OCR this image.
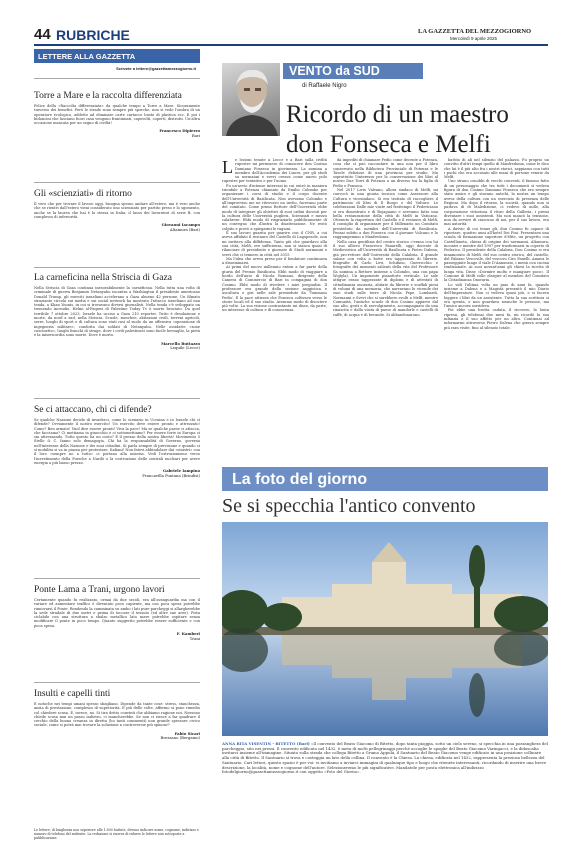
44 RUBRICHE	LA GAZZETTA DEL MEZZOGIORNO
Mercoledì 9 aprile 2025
LETTERE ALLA GAZZETTA
Scrivete a lettere@gazzettamezzogiorno.it
Torre a Mare e la raccolta differenziata
Felice della «Raccolta differenziata» da qualche tempo a Torre a Mare. Sicuramente traverso dei benefici. Però le strade sono sempre più sporche, non si vede l'ombra di un operatore ecologico, addetto ad eliminare carte cartacce buste di plastica ecc. E poi i bidoncini che lasciano fuori casa vengono frantumati, capovolti, coperti, distrutti. Un'altra occasione mancata per un segno di civiltà!
Francesco Dipierro
Bari
Gli «scienziati» di ritorno
Il vero che per trovare il lavoro oggi, bisogna spesso andare all'estero, ma è vero anche che se rientri dall'estero vieni considerato uno scienziato per partito preso e lo sgomento, anche se la laurea che hai è la stessa in Italia: il lusso dei lavoratori di serie B, con complesso di inferiorità.
Giovanni Iacampo
Altamura (Bari)
La carneficina nella Striscia di Gaza
Nella Striscia di Gaza continua inesorabilmente la carneficina. Nella tutta una volta di criminale di guerra Benjamin Netanyahu incontra a Washington il presidente americano Donald Trump, gli eserciti israeliani accelerano a Gaza almeno 42 persone. Un filmato straziante circola sui media e sui social network ha mostrato l'attacco israeliano ad una tenda, a Khan Younis, in cui si trovavano diversi giornalisti. Nella tenda c'è sviluppato un tremendo incendio. Helmi al-Faqawi di Palestine Today Tv è morto bruciato. Da quel terribile 7 ottobre 2023, Israele ha ucciso a Gaza 210 reporter. Tutto è desolazione e morte, da nord a sud, nella Striscia. Scuole, moschee, abitazioni civili, terreni agricoli, serre, luoghi di sport e di cultura sono stati rasi al suolo da un offensiva «operazione di ingegneria militare», condotta dai soldati di Netanyahu. Nelle ossidatte «zone cuscinetto», luoghi franchi di strage, dove i civili palestinesi sono facile bersaglio, la pietà e la misericordia sono morte. Dove è morto.
Marcello Buttazzo
Lequile (Lecce)
Se ci attaccano, chi ci difende?
Se qualche Nazione decide di invaderci, come lo scenario in Ucraina e in Israele chi ci difende? Ovviamente il nostro esercito! Un esercito deve essere pronto e attrezzato! Come? Ben armato! Vuol dire essere pronti! Viva la pace! Ma se qualche paese ci attacca, che facciamo? Ci mettiamo in ginocchio e ci sottomettiamo? Per essere forte in Europa ci sia attrezzando. Tutto questo ha un costo? E il prezzo della nostra libertà! Movimento 5 Stelle & C. fanno solo demagogia. Chi ha la responsabilità di Governo, governa nell'interesse della Nazione e dei suoi cittadini. Si parla sempre di previsione e quando ci si mobilita si va in piazza per protestare. Italiani! Non fatevi abbindolare dai «sinistri» con il loro «sempre no a tutto» ci portano alla miseria. Vedi l'ostruzionismo verso l'investimento della Porsche a Nardò o la costruzione delle centrali nucleari per avere energia a più basso prezzo.
Gabriele Iampino
Francavilla Fontana (Brindisi)
Ponte Lama a Trani, urgono lavori
Certamente quando fu realizzato, ormai da due secoli, era all'avanguardia ma con il variare ed aumentare traffico è diventato poco capiente, ma con poca spesa potrebbe rinnovarsi il Ponte. Rendendo la camminata su ambo i lati pure parcheggi si allargherebbe la sede stradale di due metri e prima di toccare il tessuto (ed altre sue aree). Pista ciclabile con una struttura a sbalzo metallico lato mare potrebbe ospitare senza modificare il ponte in poco tempo. Quanto suggerito potrebbe essere sufficiente e con poca spesa.
F. Kamberi
Trani
Insulti e capelli tinti
E notoche nei tempi umani spesso sbagliano. Dipende da tante cose: stress, stanchezza, ansia di prestazione, complesso di superiorità. E più delle volte, affermo si pone rimedio col chiedere scusa. E, invece, no. Si tira dritto convinti che abbiamo ragione noi. Nessuno chiede scusa mai un passo indietro, ci mancherebbe. Se non ci riesce a far quadrare il cerchio della buona creanza in diretta (ho tanti commenti) non grande spessore civico sociale, come si potrà mai trovare la soluzione a controversie più spinose?
Fabio Sicari
Brezzano (Bergamo)
Le lettere, di lunghezza non superiore alle 1.800 battute, devono indicare nome, cognome, indirizzo e numero di telefono del mittente. La redazione si riserva di ridurre le lettere non sottoposte a pubblicazione.
VENTO da SUD
di Raffaele Nigro
Ricordo di un maestro
don Fonseca e Melfi

Le lezioni tenute a Lecce e a Bari sulla civiltà rupestre mi permisero di conoscere don Cosimo Damiano Fonseca in giovinezza. La nomina a membro dell'Accademia dei Lincei, per gli studi su normanni e svevi creava come nuovo polo rupestre per tentativo e per l'uomo.

Fu un'avvio d'intense interessi in cui entrò in maniera trionfale a Potenza chiamato da Emilio Colombo per organizzare i corsi di studio e il corpo docente dell'Università di Basilicata. Non avevamo Colombo e all'improvviso me ne ritrovavo un invito, facevano parte del comitato. Come primo Rettore dell'Università ebbe modo di integrare gli obiettivi di suoi ordini docenti per la cultura delle Università pugliesi. Scienziati e mezzo calabrese. Ebbi modo di ringraziarlo pubblicamente di un convegno che illustra la disattenzione. Ne restò colpito e provò a spiegarmi le ragioni.

Il suo lavoro guarita per guarire con il CNR, a cui aveva affidato il restauro del Castello di Lagopesole, non mi invitava alla diffidenza. Tanto più che guardavo alla sua città, Melfi, ove sufficienza, non si stanca quasi di rilanciare di presidente e giornate di Studi normanni e svevi che ci tennero in città nel 2015.

Ma l'idea che aveva preso per il fondatore continuava a disseminarsi.

Ai primi del nuovo millennio entrai a far parte della giuria del Premio Basilicata. Ebbi modo di viaggiare a bordo dell'auto di Nicola Romano, dirigente della Camera di Commercio di Bari in compagnia di don Cosimo. Ebbi modo di rivedere i miei pregiudizi. Il professore era grande della sezione saggistica e ascoltava e giri nelle sale presiedute da 'Tommaso Pedio'. E la pace attirava che Fonseca coltivava verso le storie locali ed il suo studio. Avemmo modo di discutere più volte. La sua visione contrastante mi disse, da parte, un interesse di cultura e di conoscenza.

da impediti di chiamare Pedio come decente a Potenza, cosa che ci può raccontare in una non per il libro conservato nella Biblioteca Provinciale di Potenza e le Tavole deliziose di una provincia per studio. Ma soprattutto l'interesse per la conservazione dei libri al nostro Due Torri di Potenza a un diverso tra la figlia di Pedio e Fonseca.

Nel 2017 Livio Valvano, allora sindaco di Melfi, mi convocò in una giunta tecnica come Assessore alla Cultura e vicesindaco. Si era trattato di raccogliere il patrimonio di libri di Il Borgo e del Vulture. Le celebrazioni Dalle mie visite nel frattempo il Federiciano si era dimostrato e di Bojaguano e avevamo fatto una bella restaurazione della città di Melfi in Vaticano. Ottenuto la riapertura del Castello e il restauro di Melfi, il consiglio di organizzare per il Millenario un Comitato presieduto da membri dell'Università di Basilicata. Pensai subito a don Fonseca con il giovane Vulcano e lo raggiungemmo a Manfredonia.

Nella casa gentilizia del centro storico c'erano con lui il suo allievo Francesco Panarelli, oggi docente di Medievistica all'Università di Basilicata e Pietro Dalena, già pro-rettore dell'Università della Calabria. Il grande salone con volta a botte era tappezzato di librerie, litografie di Carlo Levi, Schifano, Guerricchio e fotografie dei momenti salienti della vita del Professore (la nomina a Rettore insieme a Colombo, una con papa Wojtyla). Un imponente pianoforte verticale. Le sale attigue erano tappezzate di diplomi e di attestati di cittadinanza onoraria, abitate da librerie e scaffali pieni di volumi di una memoria, che narravano le vicende dei suoi studi sulle terre di Nicola Pepe, Lombardi, Normanni e Svevi che si sarebbero svolti a Melfi, mentre Comunità, l'antiche scuole di don Cosimo apparve dal suo alto, gesti e di ravvolgimento, accompagnato da una rinascita e dalla visita di paese di mandorle e castelli di caffè, di acqua e di bevande. Si abbandonarono.

battito di ali nel silenzio del palazzo. Fu proprio un convitto d'altri tempi quello di Manfredonia, come le dico che lui è il più alto fra i nostri storici, sappiamo con tutti i pochi che era accusato alle mani di persone venute da Melfi.

Uno strano conobbi di vecchi conventi, il famoso fatto di un personaggio che tra tutti i documenti si vedeva figura di don Cosimo Damiano Fonseca che era sempre stato amico e gli stavano antichi, la nostra un tempo aveva della cultura con un esercizio di presenza delle Regioni. Ma dopo il ritorno, la società, quando non si parlava di di Maledizione, ci vedevo di mille, alla corporazione vittoriosa il ritiro della Galleria, i premi diventare i suoi assistenti. Ma non mancò la tensione, non da servire di ciascuno di noi, per il suo lavoro, era mai autorità.

A davvio di cui tenne gli, don Cosimo fu capace di riportare, quattro anni all'hotel Dei Pini. Presentava una scuola di formazione superiore d'élite, un progetto con Castellaneta, chiesa di origine dei normanni. Altamura, incontri e mentre del 1997 per trasformarsi in coperto di Federico. Il presidente della Calabria, Don Cosimo si era innamorato di Melfi, del suo centro storico, del castello, del Palazzo Vescovile, del vescovo Ciro Fanelli. Amava le passeggiate lungo il viale D'Annunzio, i menù con cucina tradizionale. Ai suoi novant'anni gli chiesi la ricetta di lunga vita. Disse «Dormire molto e mangiare poco». Il Comune di Melfi volle elargire al membro del Comitato la Cittadinanza Onoraria.

Lo vidi l'ultima volta un paio di anni fa, quando insieme a Dalena e a Magistà presentò il mio Diario dell'Imperatore. Non ci vedeva quasi più, e si faceva leggere i libri da un assistente. Tutta la sua scrittura si era spenta, e non guardava neanche le persone, ma l'amico ancora sorrideva.

Poi ebbe una brutta caduta, il ricovero, la lenta ripresa, gli telefonai due mesi fa, mi ricordò la sua infanzia e il suo affetto per un altro. Continuai ad informarmi attraverso Pietro Dalena che girava sempre più rara visite, fino al silenzio totale.

La foto del giorno
Se si specchia l'antico convento
ANNA RITA VISENTIN - BITETTO (Bari) «Il convento del Beato Giacomo di Bitetto, dopo tanta pioggia, sotto un cielo sereno, si specchia in una pozzanghera del parcheggio, sito nei pressi. Il convento edificato nel 1432, è meta di molti pellegrinaggi perché accoglie le spoglie del Beato Giacomo Varingacci, e la didascalia invitarci insieme all'immagine. Situato sulla strada che collega Bitetto a Grumo Appula, il Santuario del Beato Giacomo venge edificato in una posizione collinare alla città di Bitetto. Il Santuario si trova e costeggia un lato della collina. Il convento è la Chiesa. La chiesa, edificata nel 1432, rappresenta la preziosa bellezza del Santuario. Cari lettori, questo spazio è per voi: vi invitiamo a inviarci immagini di qualunque tipo e luogo che ritenete interessanti, ricordando di inserire una breve descrizione, la località, nome e cognome dell'autore. Selezioneremo le più significative. Mandatele per posta elettronica all'indirizzo fotodelgiorno@gazzettamezzogiorno.it con oggetto «Foto del Giorno».
